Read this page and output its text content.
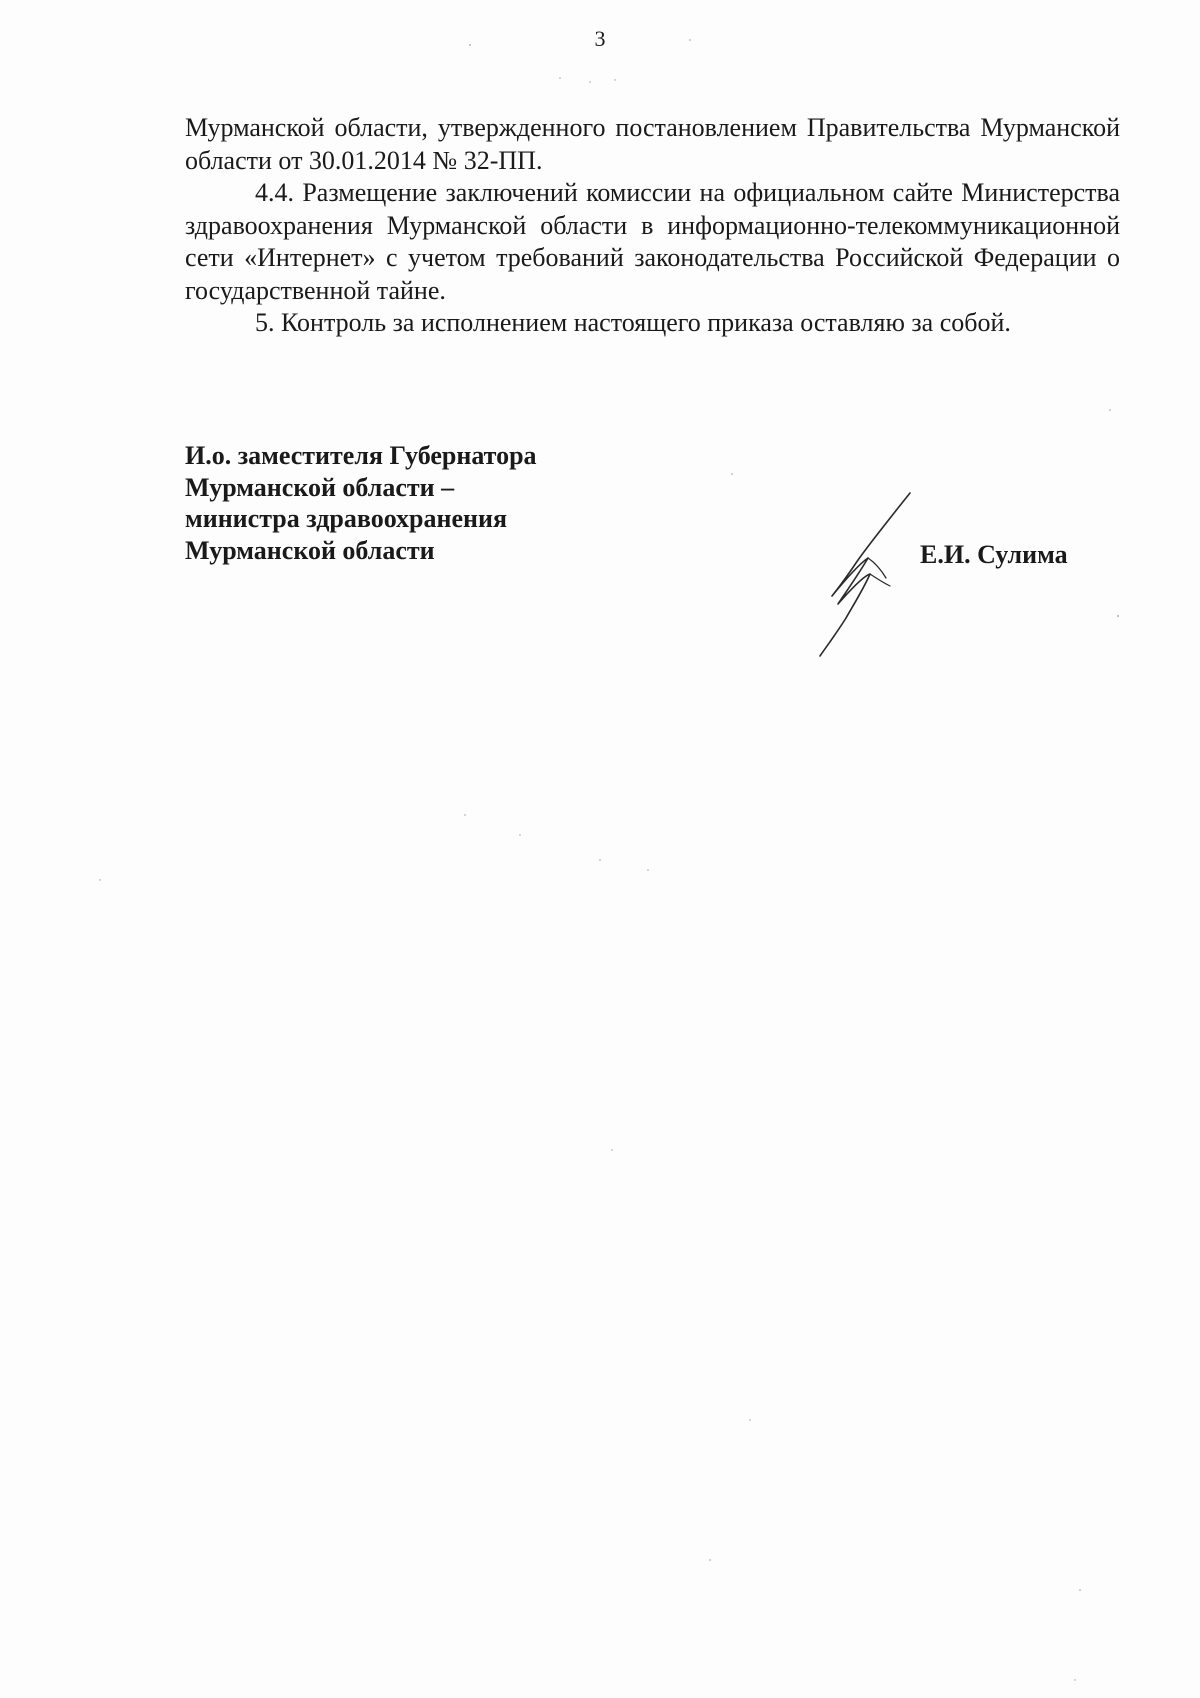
3

Мурманской области, утвержденного постановлением Правительства Мурманской области от 30.01.2014 № 32-ПП.

4.4. Размещение заключений комиссии на официальном сайте Министерства здравоохранения Мурманской области в информационно-телекоммуникационной сети «Интернет» с учетом требований законодательства Российской Федерации о государственной тайне.

5. Контроль за исполнением настоящего приказа оставляю за собой.

И.о. заместителя Губернатора
Мурманской области –
министра здравоохранения
Мурманской области	Е.И. Сулима
